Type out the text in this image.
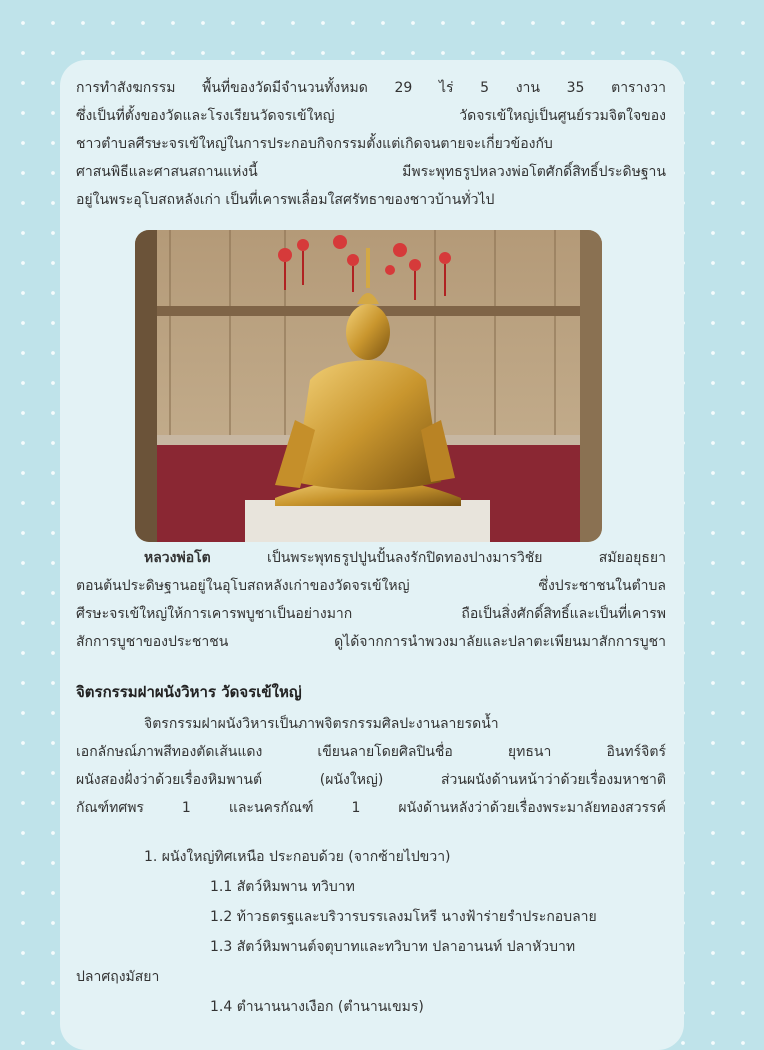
การทำสังฆกรรม พื้นที่ของวัดมีจำนวนทั้งหมด 29 ไร่ 5 งาน 35 ตารางวา
ซึ่งเป็นที่ตั้งของวัดและโรงเรียนวัดจรเข้ใหญ่ วัดจรเข้ใหญ่เป็นศูนย์รวมจิตใจของ
ชาวตำบลศีรษะจรเข้ใหญ่ในการประกอบกิจกรรมตั้งแต่เกิดจนตายจะเกี่ยวข้องกับ
ศาสนพิธีและศาสนสถานแห่งนี้ มีพระพุทธรูปหลวงพ่อโตศักดิ์สิทธิ์ประดิษฐาน
อยู่ในพระอุโบสถหลังเก่า เป็นที่เคารพเลื่อมใสศรัทธาของชาวบ้านทั่วไป
หลวงพ่อโต เป็นพระพุทธรูปปูนปั้นลงรักปิดทองปางมารวิชัย สมัยอยุธยา
ตอนต้นประดิษฐานอยู่ในอุโบสถหลังเก่าของวัดจรเข้ใหญ่ ซึ่งประชาชนในตำบล
ศีรษะจรเข้ใหญ่ให้การเคารพบูชาเป็นอย่างมาก ถือเป็นสิ่งศักดิ์สิทธิ์และเป็นที่เคารพ
สักการบูชาของประชาชน ดูได้จากการนำพวงมาลัยและปลาตะเพียนมาสักการบูชา

จิตรกรรมฝาผนังวิหาร วัดจรเข้ใหญ่

จิตรกรรมฝาผนังวิหารเป็นภาพจิตรกรรมศิลปะงานลายรดน้ำ
เอกลักษณ์ภาพสีทองตัดเส้นแดง เขียนลายโดยศิลปินชื่อ ยุทธนา อินทร์จิตร์
ผนังสองฝั่งว่าด้วยเรื่องหิมพานต์ (ผนังใหญ่) ส่วนผนังด้านหน้าว่าด้วยเรื่องมหาชาติ
กัณฑ์ทศพร 1 และนครกัณฑ์ 1 ผนังด้านหลังว่าด้วยเรื่องพระมาลัยทองสวรรค์
1. ผนังใหญ่ทิศเหนือ ประกอบด้วย (จากซ้ายไปขวา)
1.1 สัตว์หิมพาน ทวิบาท
1.2 ท้าวธตรฐและบริวารบรรเลงมโหรี นางฟ้าร่ายรำประกอบลาย
1.3 สัตว์หิมพานต์จตุบาทและทวิบาท ปลาอานนท์ ปลาหัวบาท
ปลาศฤงมัสยา
1.4 ตำนานนางเงือก (ตำนานเขมร)
